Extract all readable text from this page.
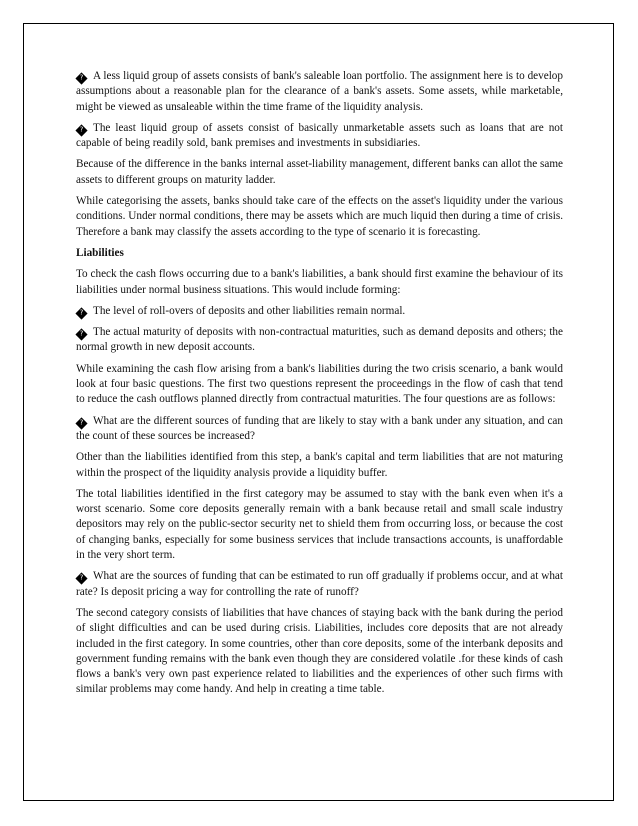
? A less liquid group of assets consists of bank's saleable loan portfolio. The assignment here is to develop assumptions about a reasonable plan for the clearance of a bank's assets. Some assets, while marketable, might be viewed as unsaleable within the time frame of the liquidity analysis.

? The least liquid group of assets consist of basically unmarketable assets such as loans that are not capable of being readily sold, bank premises and investments in subsidiaries.

Because of the difference in the banks internal asset-liability management, different banks can allot the same assets to different groups on maturity ladder.

While categorising the assets, banks should take care of the effects on the asset's liquidity under the various conditions. Under normal conditions, there may be assets which are much liquid then during a time of crisis. Therefore a bank may classify the assets according to the type of scenario it is forecasting.

Liabilities

To check the cash flows occurring due to a bank's liabilities, a bank should first examine the behaviour of its liabilities under normal business situations. This would include forming:

? The level of roll-overs of deposits and other liabilities remain normal.

? The actual maturity of deposits with non-contractual maturities, such as demand deposits and others; the normal growth in new deposit accounts.

While examining the cash flow arising from a bank's liabilities during the two crisis scenario, a bank would look at four basic questions. The first two questions represent the proceedings in the flow of cash that tend to reduce the cash outflows planned directly from contractual maturities. The four questions are as follows:

? What are the different sources of funding that are likely to stay with a bank under any situation, and can the count of these sources be increased?

Other than the liabilities identified from this step, a bank's capital and term liabilities that are not maturing within the prospect of the liquidity analysis provide a liquidity buffer.

The total liabilities identified in the first category may be assumed to stay with the bank even when it's a worst scenario. Some core deposits generally remain with a bank because retail and small scale industry depositors may rely on the public-sector security net to shield them from occurring loss, or because the cost of changing banks, especially for some business services that include transactions accounts, is unaffordable in the very short term.

? What are the sources of funding that can be estimated to run off gradually if problems occur, and at what rate? Is deposit pricing a way for controlling the rate of runoff?

The second category consists of liabilities that have chances of staying back with the bank during the period of slight difficulties and can be used during crisis. Liabilities, includes core deposits that are not already included in the first category. In some countries, other than core deposits, some of the interbank deposits and government funding remains with the bank even though they are considered volatile .for these kinds of cash flows a bank's very own past experience related to liabilities and the experiences of other such firms with similar problems may come handy. And help in creating a time table.
